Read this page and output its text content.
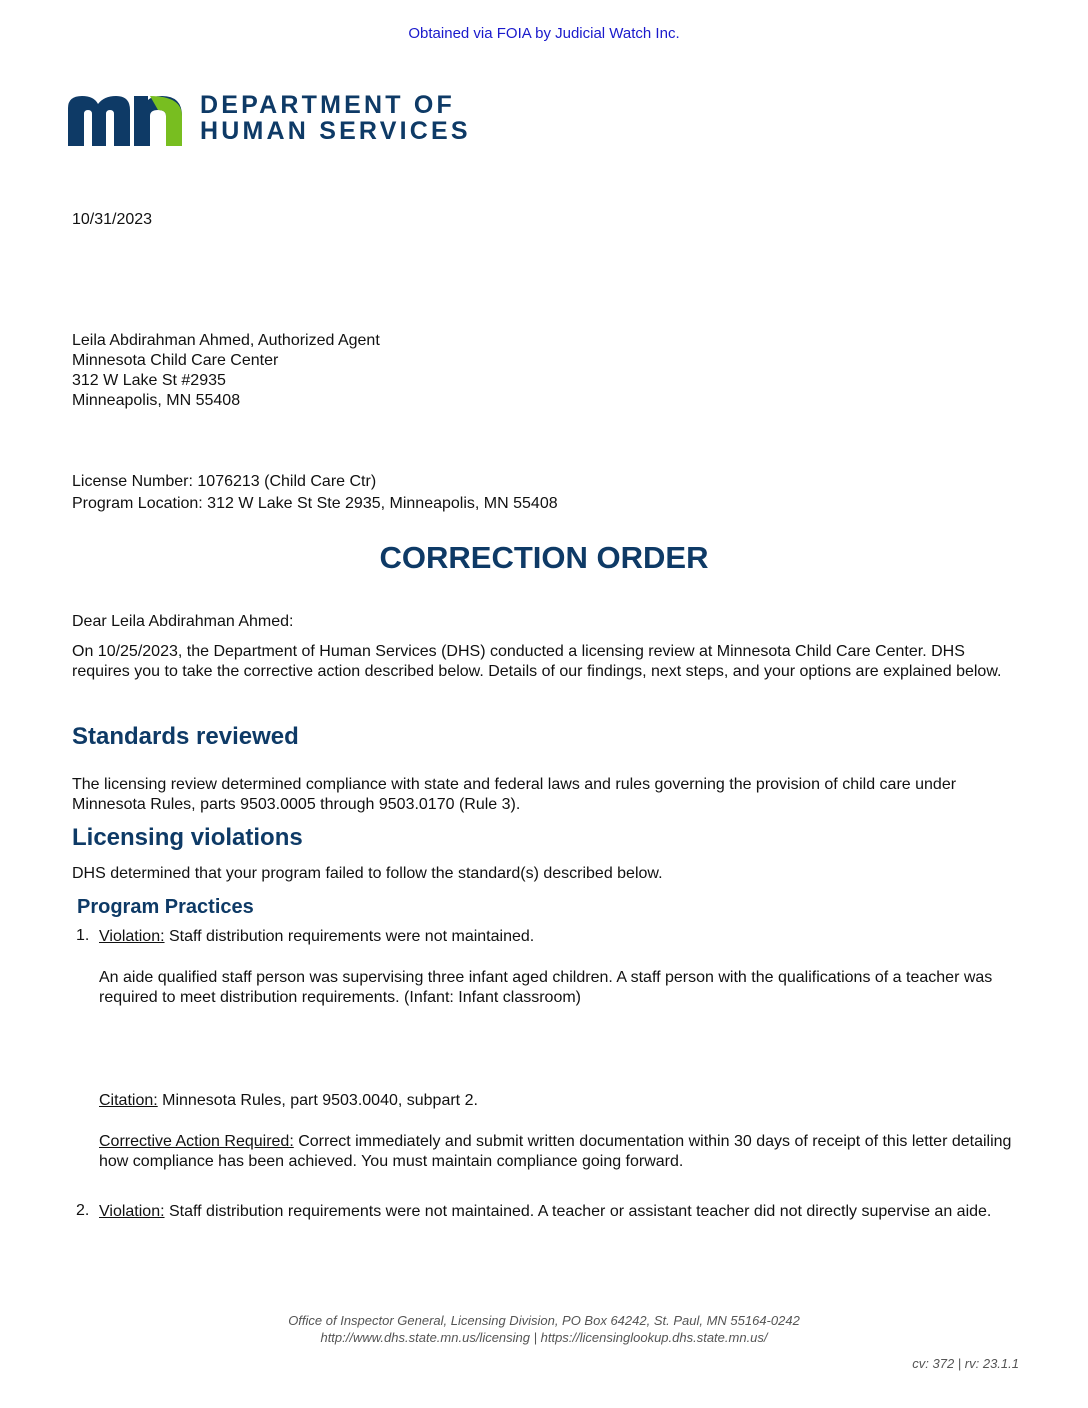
Obtained via FOIA by Judicial Watch Inc.
DEPARTMENT OF
HUMAN SERVICES
10/31/2023
Leila Abdirahman Ahmed, Authorized Agent
Minnesota Child Care Center
312 W Lake St #2935
Minneapolis, MN 55408
License Number: 1076213 (Child Care Ctr)
Program Location: 312 W Lake St Ste 2935, Minneapolis, MN 55408
CORRECTION ORDER
Dear Leila Abdirahman Ahmed:
On 10/25/2023, the Department of Human Services (DHS) conducted a licensing review at Minnesota Child Care Center. DHS requires you to take the corrective action described below. Details of our findings, next steps, and your options are explained below.
Standards reviewed
The licensing review determined compliance with state and federal laws and rules governing the provision of child care under Minnesota Rules, parts 9503.0005 through 9503.0170 (Rule 3).
Licensing violations
DHS determined that your program failed to follow the standard(s) described below.
Program Practices
1. Violation: Staff distribution requirements were not maintained.
An aide qualified staff person was supervising three infant aged children. A staff person with the qualifications of a teacher was required to meet distribution requirements. (Infant: Infant classroom)
Citation: Minnesota Rules, part 9503.0040, subpart 2.
Corrective Action Required: Correct immediately and submit written documentation within 30 days of receipt of this letter detailing how compliance has been achieved. You must maintain compliance going forward.
2. Violation: Staff distribution requirements were not maintained. A teacher or assistant teacher did not directly supervise an aide.
Office of Inspector General, Licensing Division, PO Box 64242, St. Paul, MN 55164-0242
http://www.dhs.state.mn.us/licensing | https://licensinglookup.dhs.state.mn.us/
cv: 372 | rv: 23.1.1
